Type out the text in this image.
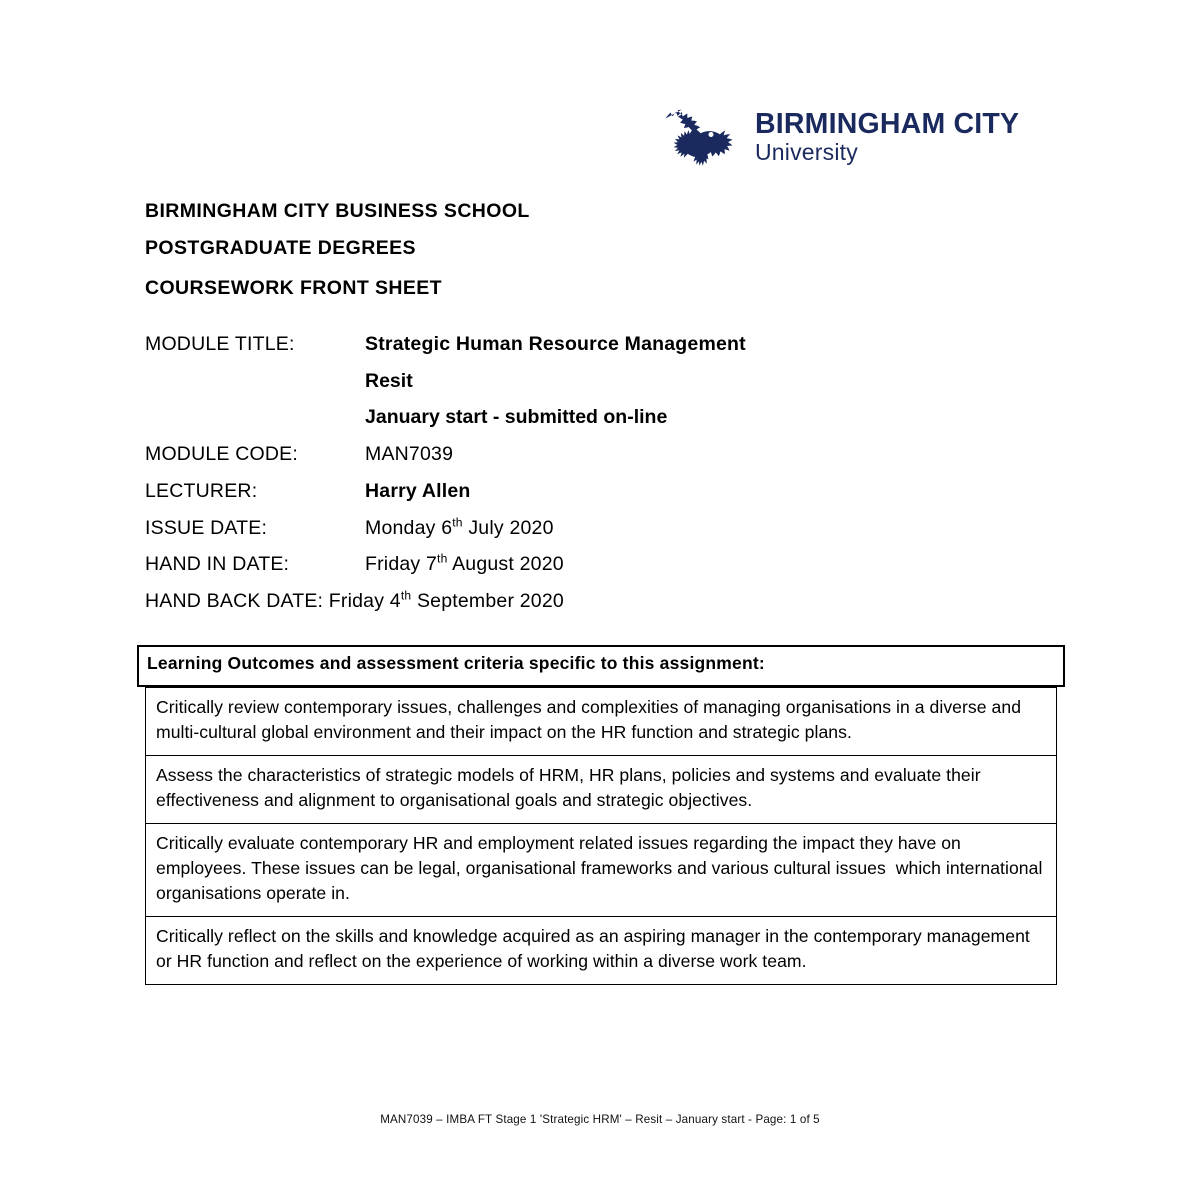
BIRMINGHAM CITY
University
BIRMINGHAM CITY BUSINESS SCHOOL
POSTGRADUATE DEGREES
COURSEWORK FRONT SHEET
MODULE TITLE:	Strategic Human Resource Management
Resit
January start - submitted on-line
MODULE CODE:	MAN7039
LECTURER:	Harry Allen
ISSUE DATE:	Monday 6th July 2020
HAND IN DATE:	Friday 7th August 2020
HAND BACK DATE: Friday 4th September 2020
Learning Outcomes and assessment criteria specific to this assignment:
Critically review contemporary issues, challenges and complexities of managing organisations in a diverse and multi-cultural global environment and their impact on the HR function and strategic plans.
Assess the characteristics of strategic models of HRM, HR plans, policies and systems and evaluate their effectiveness and alignment to organisational goals and strategic objectives.
Critically evaluate contemporary HR and employment related issues regarding the impact they have on employees. These issues can be legal, organisational frameworks and various cultural issues  which international organisations operate in.
Critically reflect on the skills and knowledge acquired as an aspiring manager in the contemporary management or HR function and reflect on the experience of working within a diverse work team.
MAN7039 – IMBA FT Stage 1 'Strategic HRM' – Resit – January start - Page: 1 of 5
